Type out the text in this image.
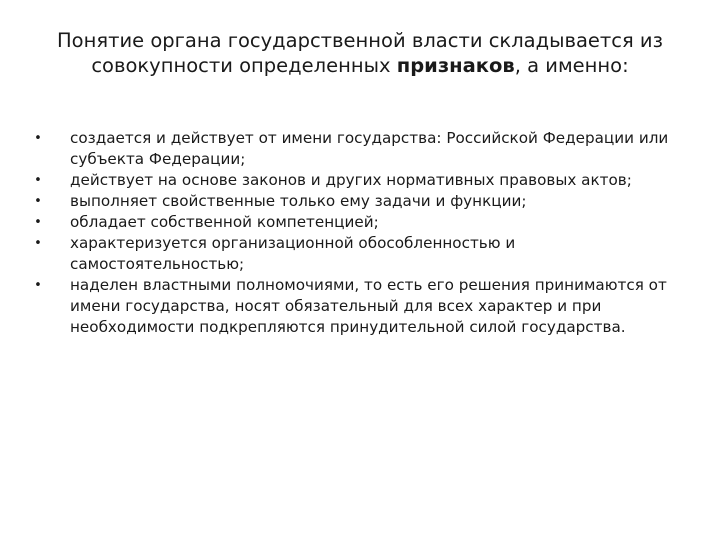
Понятие органа государственной власти складывается из совокупности определенных признаков, а именно:
• создается и действует от имени государства: Российской Федерации или субъекта Федерации;
• действует на основе законов и других нормативных правовых актов;
• выполняет свойственные только ему задачи и функции;
• обладает собственной компетенцией;
• характеризуется организационной обособленностью и самостоятельностью;
• наделен властными полномочиями, то есть его решения принимаются от имени государства, носят обязательный для всех характер и при необходимости подкрепляются принудительной силой государства.
